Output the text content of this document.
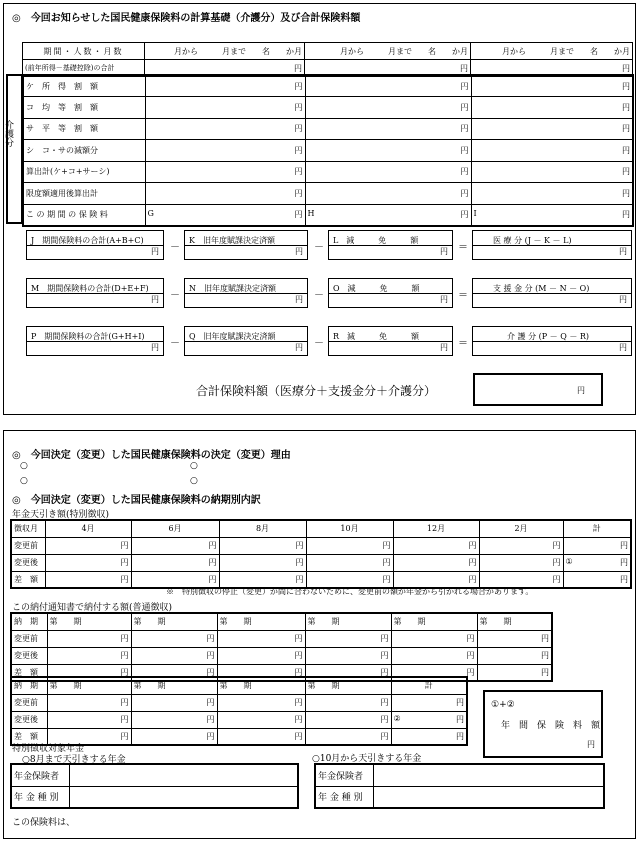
◎　今回お知らせした国民健康保険料の計算基礎（介護分）及び合計保険料額
期間・人数・月数	月から　　　月まで　　名　　か月	月から　　　月まで　　名　　か月	月から　　　月まで　　名　　か月
(前年所得－基礎控除)の合計	円	円	円
介護分
ケ　所　得　割　額	円	円	円
コ　均　等　割　額	円	円	円
サ　平　等　割　額	円	円	円
シ　コ・サの減額分	円	円	円
算出計(ケ+コ+サーシ)	円	円	円
限度額適用後算出計	円	円	円
こ の 期 間 の 保 険 料	G 円	H 円	I 円
J　期間保険料の合計(A+B+C)
円 －
K　旧年度賦課決定済額
円 －
L　減　　　免　　　額
円 ＝
医 療 分 (J － K － L)
円
M　期間保険料の合計(D+E+F)
円 －
N　旧年度賦課決定済額
円 －
O　減　　　免　　　額
円 ＝
支 援 金 分 (M － N － O)
円
P　期間保険料の合計(G+H+I)
円 －
Q　旧年度賦課決定済額
円 －
R　減　　　免　　　額
円 ＝
介 護 分 (P － Q － R)
円
合計保険料額（医療分＋支援金分＋介護分）	円
◎　今回決定（変更）した国民健康保険料の決定（変更）理由
○	○
○	○
◎　今回決定（変更）した国民健康保険料の納期別内訳
年金天引き額(特別徴収)
徴収月	4月	6月	8月	10月	12月	2月	計
変更前	円	円	円	円	円	円	円
変更後	円	円	円	円	円	円	① 円

差　額	円	円	円	円	円	円	円
※　特別徴収の停止（変更）が間に合わないために、変更前の額が年金から引かれる場合があります。
この納付通知書で納付する額(普通徴収)
納　期	第　　期	第　　期	第　　期	第　　期	第　　期	第　　期
変更前	円	円	円	円	円	円
変更後	円	円	円	円	円	円
差　額	円	円	円	円	円	円
納　期	第　　期	第　　期	第　　期	第　　期	計
変更前	円	円	円	円	円
変更後	円	円	円	円	② 円

差　額	円	円	円	円	円
①+②
年　間　保　険　料　額
円
特別徴収対象年金
○8月まで天引きする年金	○10月から天引きする年金
年金保険者	
年 金 種 別	
年金保険者	
年 金 種 別	
この保険料は、
